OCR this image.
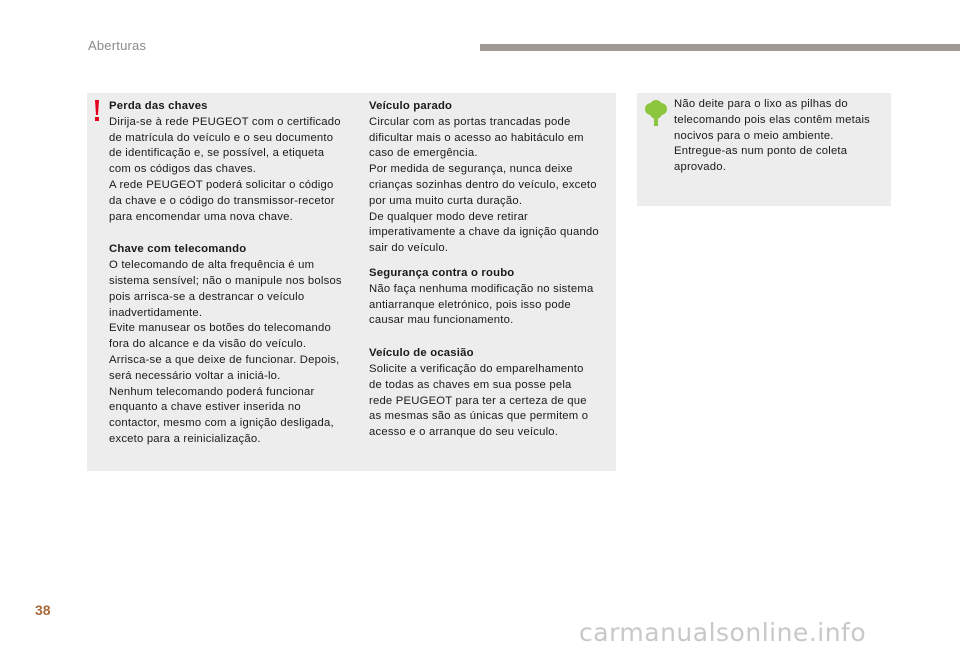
Aberturas
Perda das chaves
Dirija-se à rede PEUGEOT com o certificado
de matrícula do veículo e o seu documento
de identificação e, se possível, a etiqueta
com os códigos das chaves.
A rede PEUGEOT poderá solicitar o código
da chave e o código do transmissor-recetor
para encomendar uma nova chave.
Chave com telecomando
O telecomando de alta frequência é um
sistema sensível; não o manipule nos bolsos
pois arrisca-se a destrancar o veículo
inadvertidamente.
Evite manusear os botões do telecomando
fora do alcance e da visão do veículo.
Arrisca-se a que deixe de funcionar. Depois,
será necessário voltar a iniciá-lo.
Nenhum telecomando poderá funcionar
enquanto a chave estiver inserida no
contactor, mesmo com a ignição desligada,
exceto para a reinicialização.
Veículo parado
Circular com as portas trancadas pode
dificultar mais o acesso ao habitáculo em
caso de emergência.
Por medida de segurança, nunca deixe
crianças sozinhas dentro do veículo, exceto
por uma muito curta duração.
De qualquer modo deve retirar
imperativamente a chave da ignição quando
sair do veículo.
Segurança contra o roubo
Não faça nenhuma modificação no sistema
antiarranque eletrónico, pois isso pode
causar mau funcionamento.
Veículo de ocasião
Solicite a verificação do emparelhamento
de todas as chaves em sua posse pela
rede PEUGEOT para ter a certeza de que
as mesmas são as únicas que permitem o
acesso e o arranque do seu veículo.
Não deite para o lixo as pilhas do
telecomando pois elas contêm metais
nocivos para o meio ambiente.
Entregue-as num ponto de coleta
aprovado.
38
carmanualsonline.info
